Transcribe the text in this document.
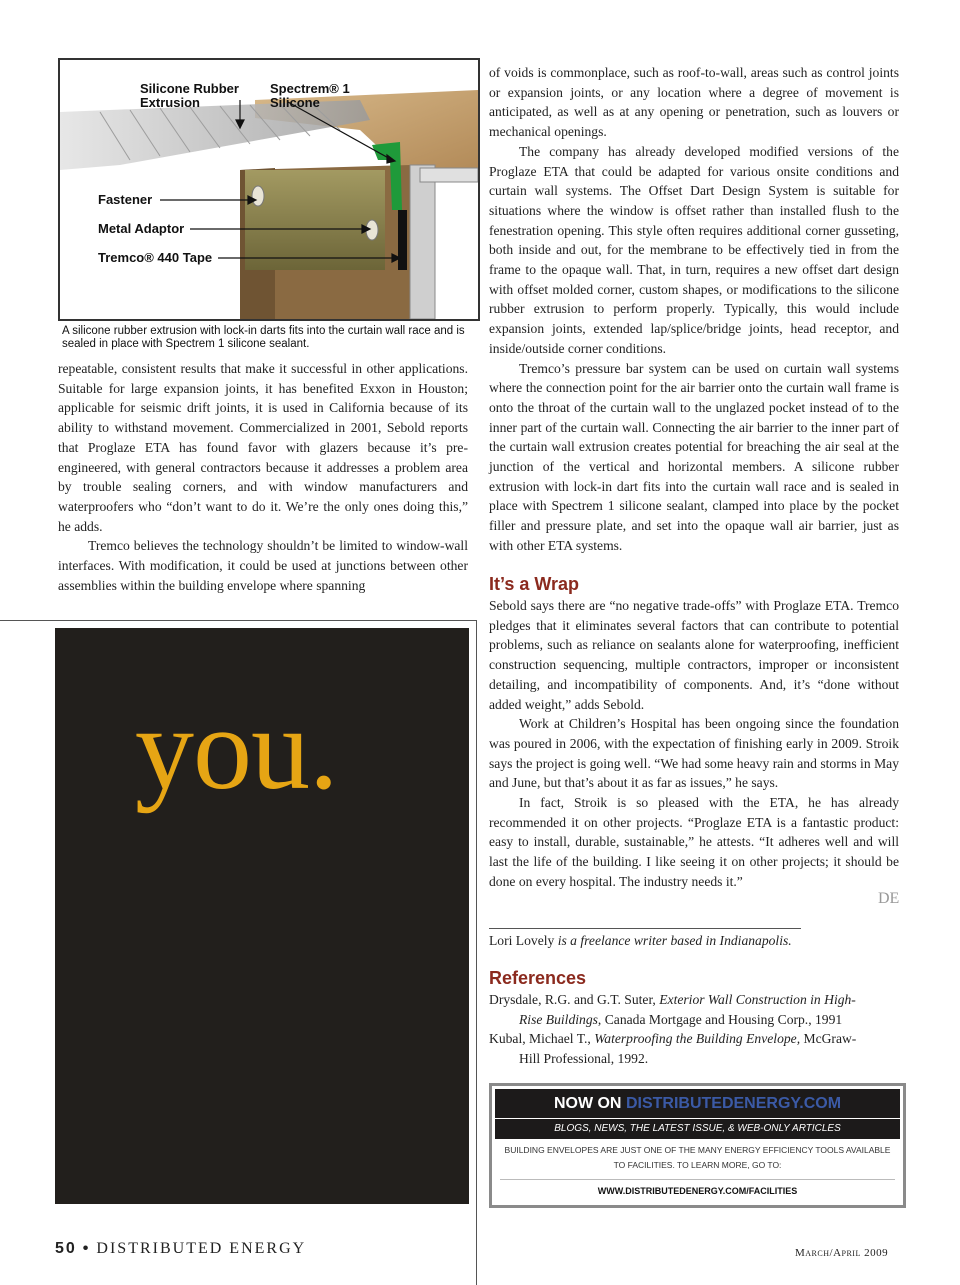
Silicone Rubber
Extrusion
Spectrem® 1
Silicone
Fastener
Metal Adaptor
Tremco® 440 Tape
A silicone rubber extrusion with lock-in darts fits into the curtain wall race and is sealed in place with Spectrem 1 silicone sealant.

repeatable, consistent results that make it successful in other applications. Suitable for large expansion joints, it has benefited Exxon in Houston; applicable for seismic drift joints, it is used in California because of its ability to withstand movement. Commercialized in 2001, Sebold reports that Proglaze ETA has found favor with glazers because it’s pre-engineered, with general contractors because it addresses a problem area by trouble sealing corners, and with window manufacturers and waterproofers who “don’t want to do it. We’re the only ones doing this,” he adds.

Tremco believes the technology shouldn’t be limited to window-wall interfaces. With modification, it could be used at junctions between other assemblies within the building envelope where spanning

you.

of voids is commonplace, such as roof-to-wall, areas such as control joints or expansion joints, or any location where a degree of movement is anticipated, as well as at any opening or penetration, such as louvers or mechanical openings.

The company has already developed modified versions of the Proglaze ETA that could be adapted for various onsite conditions and curtain wall systems. The Offset Dart Design System is suitable for situations where the window is offset rather than installed flush to the fenestration opening. This style often requires additional corner gusseting, both inside and out, for the membrane to be effectively tied in from the frame to the opaque wall. That, in turn, requires a new offset dart design with offset molded corner, custom shapes, or modifications to the silicone rubber extrusion to perform properly. Typically, this would include expansion joints, extended lap/splice/bridge joints, head receptor, and inside/outside corner conditions.

Tremco’s pressure bar system can be used on curtain wall systems where the connection point for the air barrier onto the curtain wall frame is onto the throat of the curtain wall to the unglazed pocket instead of to the inner part of the curtain wall. Connecting the air barrier to the inner part of the curtain wall extrusion creates potential for breaching the air seal at the junction of the vertical and horizontal members. A silicone rubber extrusion with lock-in dart fits into the curtain wall race and is sealed in place with Spectrem 1 silicone sealant, clamped into place by the pocket filler and pressure plate, and set into the opaque wall air barrier, just as with other ETA systems.

It’s a Wrap

Sebold says there are “no negative trade-offs” with Proglaze ETA. Tremco pledges that it eliminates several factors that can contribute to potential problems, such as reliance on sealants alone for waterproofing, inefficient construction sequencing, multiple contractors, improper or inconsistent detailing, and incompatibility of components. And, it’s “done without added weight,” adds Sebold.

Work at Children’s Hospital has been ongoing since the foundation was poured in 2006, with the expectation of finishing early in 2009. Stroik says the project is going well. “We had some heavy rain and storms in May and June, but that’s about it as far as issues,” he says.

In fact, Stroik is so pleased with the ETA, he has already recommended it on other projects. “Proglaze ETA is a fantastic product: easy to install, durable, sustainable,” he attests. “It adheres well and will last the life of the building. I like seeing it on other projects; it should be done on every hospital. The industry needs it.”

DE
Lori Lovely is a freelance writer based in Indianapolis.
References

Drysdale, R.G. and G.T. Suter, Exterior Wall Construction in High-Rise Buildings, Canada Mortgage and Housing Corp., 1991

Kubal, Michael T., Waterproofing the Building Envelope, McGraw-Hill Professional, 1992.

NOW ON DISTRIBUTEDENERGY.COM
BLOGS, NEWS, THE LATEST ISSUE, & WEB-ONLY ARTICLES
BUILDING ENVELOPES ARE JUST ONE OF THE MANY ENERGY EFFICIENCY TOOLS AVAILABLE TO FACILITIES. TO LEARN MORE, GO TO:
WWW.DISTRIBUTEDENERGY.COM/FACILITIES
50 • DISTRIBUTED ENERGY	March/April 2009
